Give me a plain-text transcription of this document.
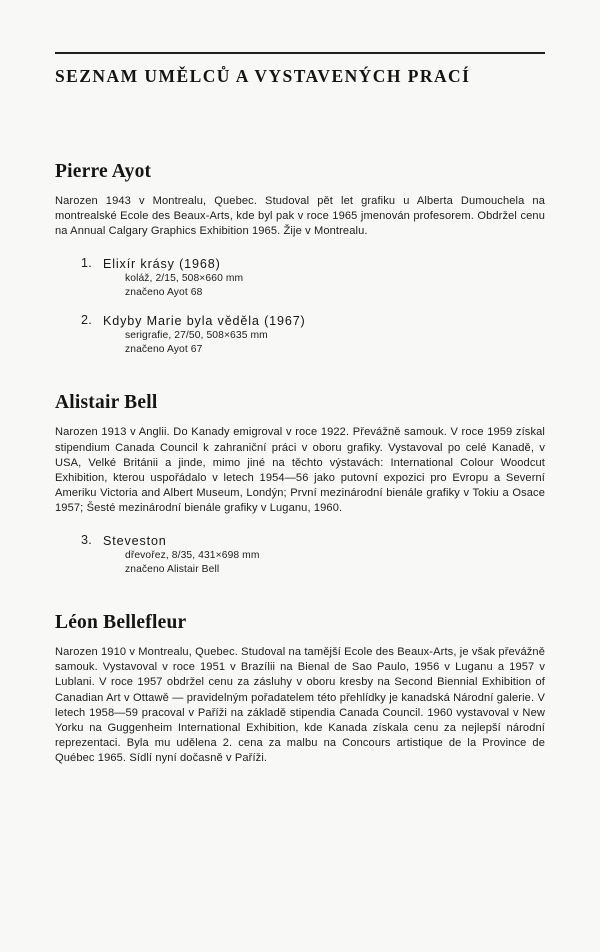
SEZNAM UMĚLCŮ A VYSTAVENÝCH PRACÍ
Pierre Ayot

Narozen 1943 v Montrealu, Quebec. Studoval pět let grafiku u Alberta Dumouchela na montrealské Ecole des Beaux-Arts, kde byl pak v roce 1965 jmenován profesorem. Obdržel cenu na Annual Calgary Graphics Exhibition 1965. Žije v Montrealu.

1. Elixír krásy (1968)
koláž, 2/15, 508×660 mm
značeno Ayot 68
2. Kdyby Marie byla věděla (1967)
serigrafie, 27/50, 508×635 mm
značeno Ayot 67
Alistair Bell

Narozen 1913 v Anglii. Do Kanady emigroval v roce 1922. Převážně samouk. V roce 1959 získal stipendium Canada Council k zahraniční práci v oboru grafiky. Vystavoval po celé Kanadě, v USA, Velké Británii a jinde, mimo jiné na těchto výstavách: International Colour Woodcut Exhibition, kterou uspořádalo v letech 1954—56 jako putovní expozici pro Evropu a Severní Ameriku Victoria and Albert Museum, Londýn; První mezinárodní bienále grafiky v Tokiu a Osace 1957; Šesté mezinárodní bienále grafiky v Luganu, 1960.

3. Steveston
dřevořez, 8/35, 431×698 mm
značeno Alistair Bell
Léon Bellefleur

Narozen 1910 v Montrealu, Quebec. Studoval na tamější Ecole des Beaux-Arts, je však převážně samouk. Vystavoval v roce 1951 v Brazílii na Bienal de Sao Paulo, 1956 v Luganu a 1957 v Lublani. V roce 1957 obdržel cenu za zásluhy v oboru kresby na Second Biennial Exhibition of Canadian Art v Ottawě — pravidelným pořadatelem této přehlídky je kanadská Národní galerie. V letech 1958—59 pracoval v Paříži na základě stipendia Canada Council. 1960 vystavoval v New Yorku na Guggenheim International Exhibition, kde Kanada získala cenu za nejlepší národní reprezentaci. Byla mu udělena 2. cena za malbu na Concours artistique de la Province de Québec 1965. Sídlí nyní dočasně v Paříži.
